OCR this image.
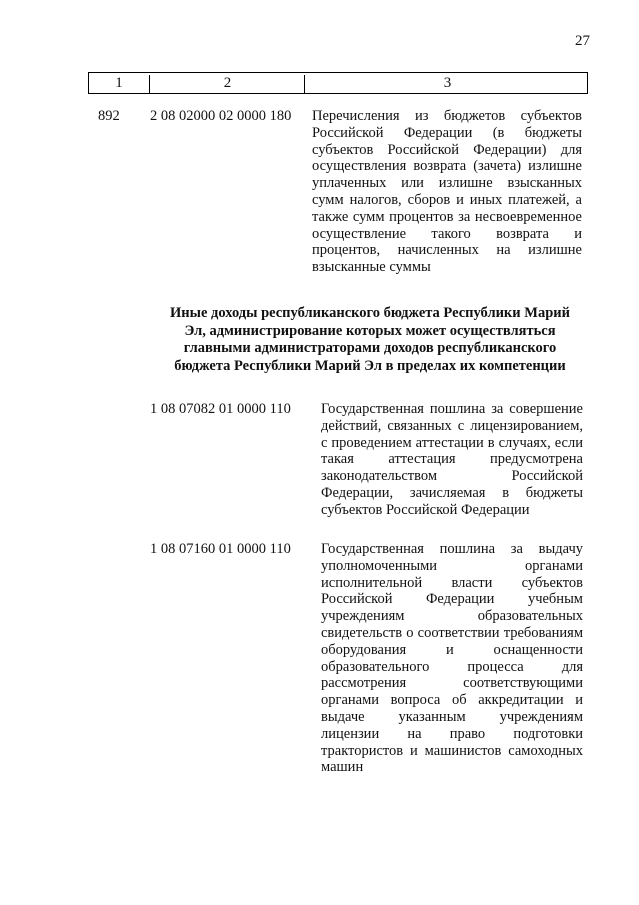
27
1	2	3
892 2 08 02000 02 0000 180 Перечисления из бюджетов субъектов Российской Федерации (в бюджеты субъектов Российской Федерации) для осуществления возврата (зачета) излишне уплаченных или излишне взысканных сумм налогов, сборов и иных платежей, а также сумм процентов за несвоевременное осуществление такого возврата и процентов, начисленных на излишне взысканные суммы
Иные доходы республиканского бюджета Республики Марий Эл, администрирование которых может осуществляться главными администраторами доходов республиканского бюджета Республики Марий Эл в пределах их компетенции
1 08 07082 01 0000 110 Государственная пошлина за совершение действий, связанных с лицензированием, с проведением аттестации в случаях, если такая аттестация предусмотрена законодательством Российской Федерации, зачисляемая в бюджеты субъектов Российской Федерации
1 08 07160 01 0000 110 Государственная пошлина за выдачу уполномоченными органами исполнительной власти субъектов Российской Федерации учебным учреждениям образовательных свидетельств о соответствии требованиям оборудования и оснащенности образовательного процесса для рассмотрения соответствующими органами вопроса об аккредитации и выдаче указанным учреждениям лицензии на право подготовки трактористов и машинистов самоходных машин
